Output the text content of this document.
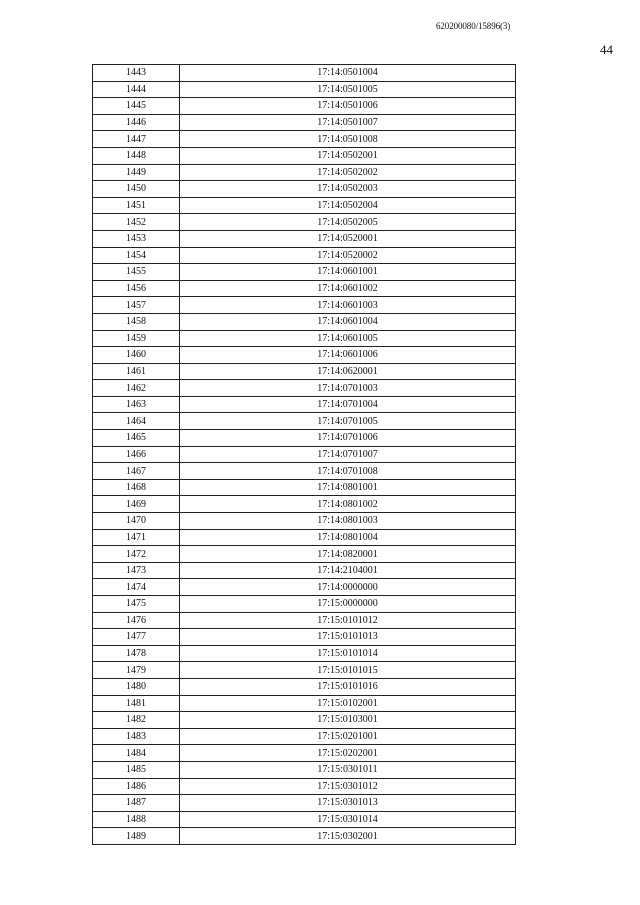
620200080/15896(3)
44
1443	17:14:0501004
1444	17:14:0501005
1445	17:14:0501006
1446	17:14:0501007
1447	17:14:0501008
1448	17:14:0502001
1449	17:14:0502002
1450	17:14:0502003
1451	17:14:0502004
1452	17:14:0502005
1453	17:14:0520001
1454	17:14:0520002
1455	17:14:0601001
1456	17:14:0601002
1457	17:14:0601003
1458	17:14:0601004
1459	17:14:0601005
1460	17:14:0601006
1461	17:14:0620001
1462	17:14:0701003
1463	17:14:0701004
1464	17:14:0701005
1465	17:14:0701006
1466	17:14:0701007
1467	17:14:0701008
1468	17:14:0801001
1469	17:14:0801002
1470	17:14:0801003
1471	17:14:0801004
1472	17:14:0820001
1473	17:14:2104001
1474	17:14:0000000
1475	17:15:0000000
1476	17:15:0101012
1477	17:15:0101013
1478	17:15:0101014
1479	17:15:0101015
1480	17:15:0101016
1481	17:15:0102001
1482	17:15:0103001
1483	17:15:0201001
1484	17:15:0202001
1485	17:15:0301011
1486	17:15:0301012
1487	17:15:0301013
1488	17:15:0301014
1489	17:15:0302001
